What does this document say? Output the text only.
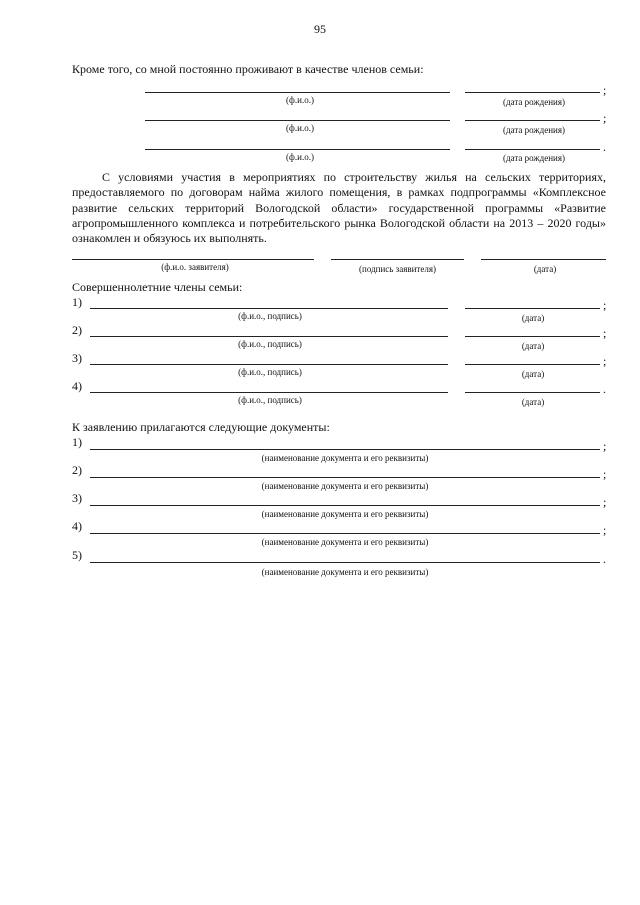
95
Кроме того, со мной постоянно проживают в качестве членов семьи:
;
(ф.и.о.)	(дата рождения)
;
(ф.и.о.)	(дата рождения)
.
(ф.и.о.)	(дата рождения)
С условиями участия в мероприятиях по строительству жилья на сельских территориях, предоставляемого по договорам найма жилого помещения, в рамках подпрограммы «Комплексное развитие сельских территорий Вологодской области» государственной программы «Развитие агропромышленного комплекса и потребительского рынка Вологодской области на 2013 – 2020 годы» ознакомлен и обязуюсь их выполнять.
(ф.и.о. заявителя)	(подпись заявителя)	(дата)
Совершеннолетние члены семьи:
1)	;
(ф.и.о., подпись)	(дата)
2)	;
(ф.и.о., подпись)	(дата)
3)	;
(ф.и.о., подпись)	(дата)
4)	.
(ф.и.о., подпись)	(дата)
К заявлению прилагаются следующие документы:
1)	;
(наименование документа и его реквизиты)
2)	;
(наименование документа и его реквизиты)
3)	;
(наименование документа и его реквизиты)
4)	;
(наименование документа и его реквизиты)
5)	.
(наименование документа и его реквизиты)
